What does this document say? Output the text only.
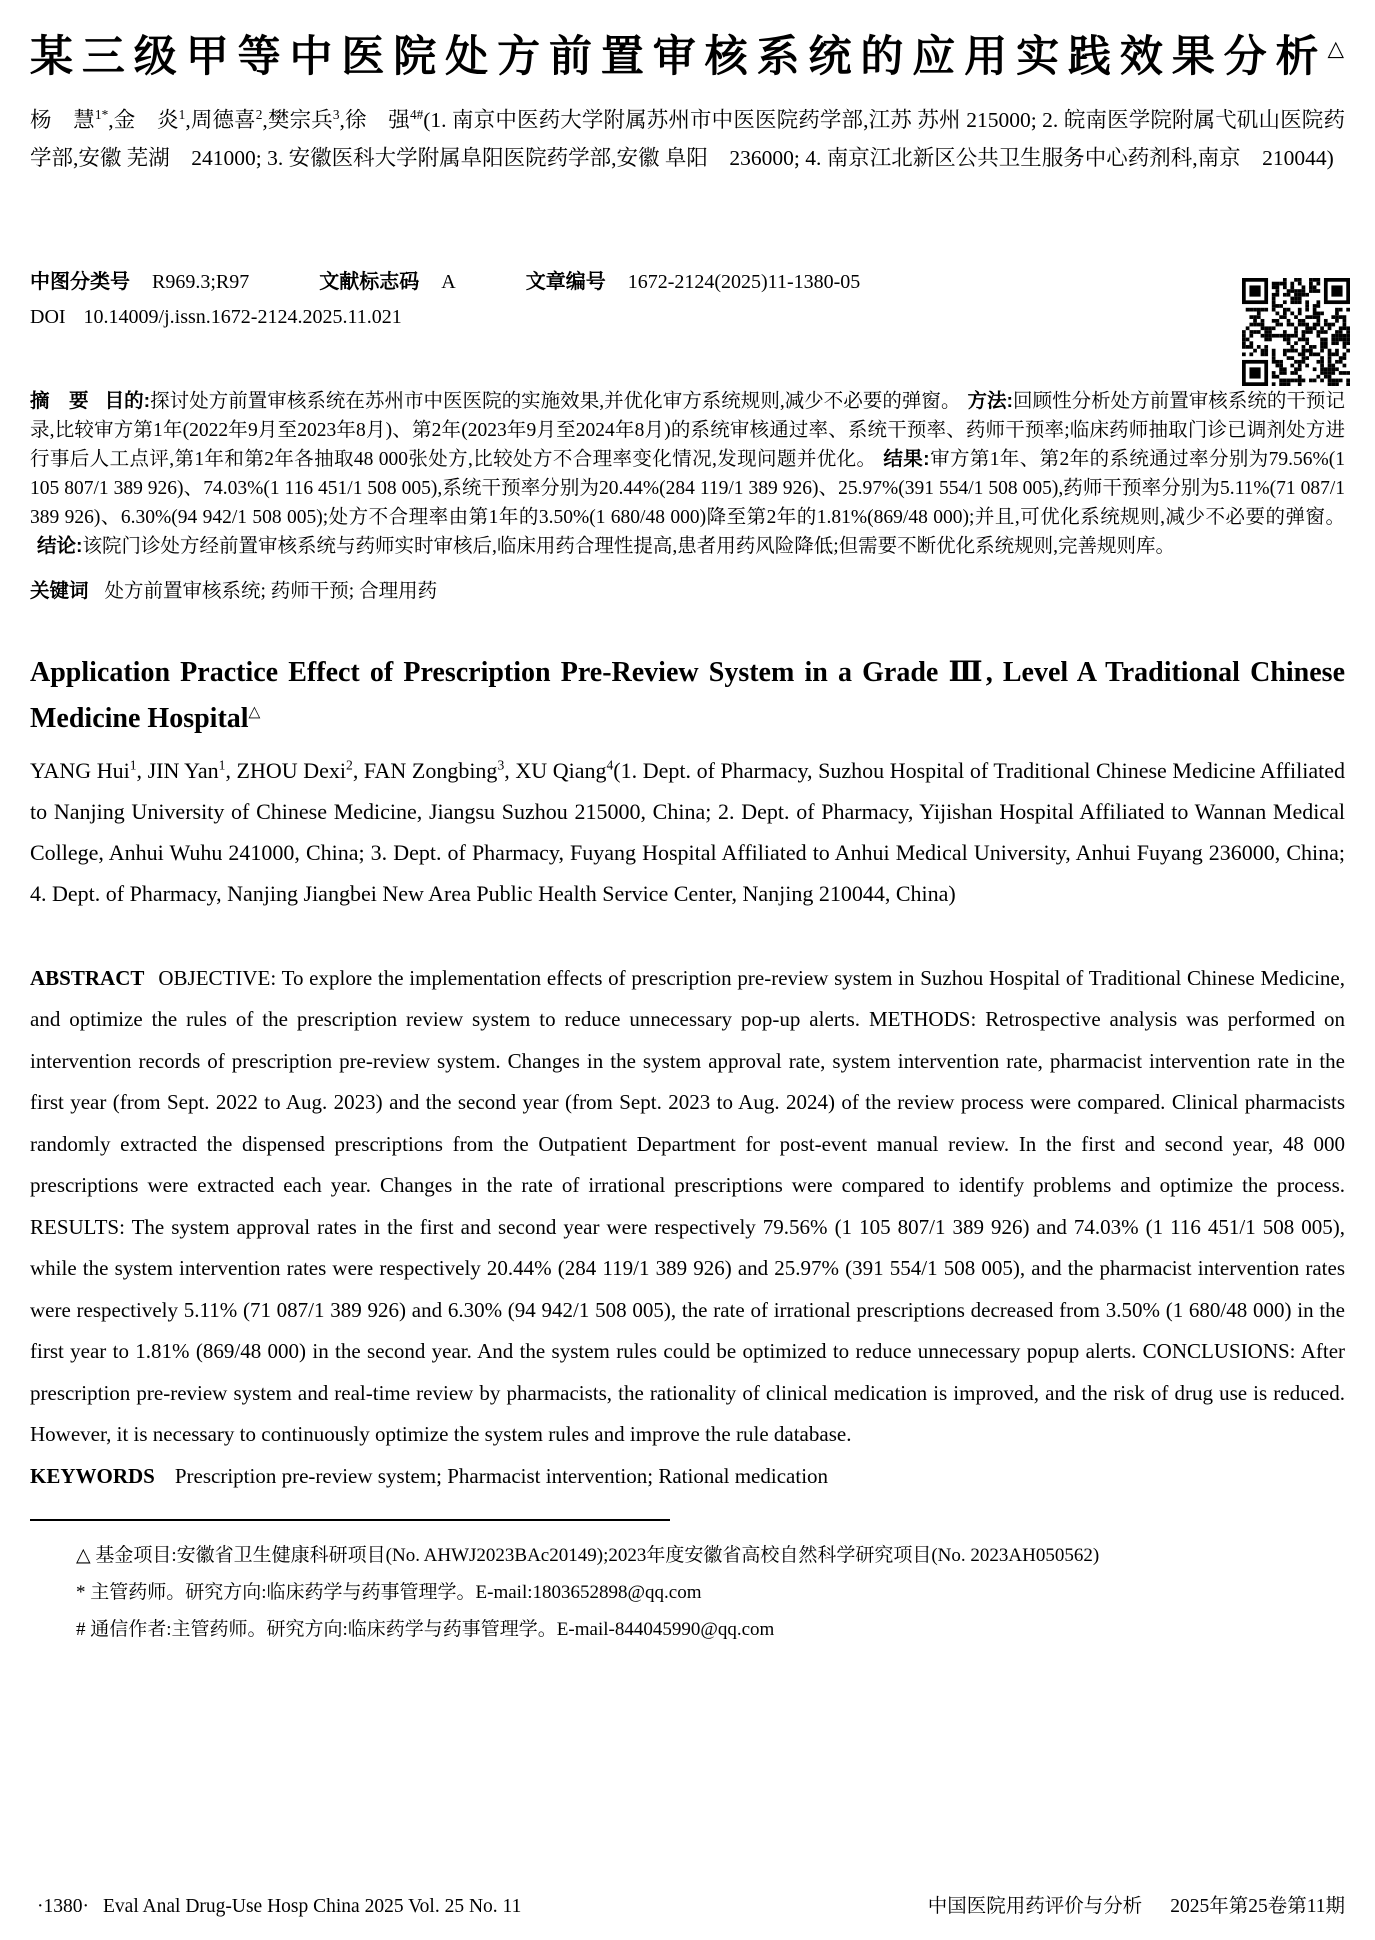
某三级甲等中医院处方前置审核系统的应用实践效果分析△

杨　慧$^{1*}$,金　炎$^1$,周德喜$^2$,樊宗兵$^3$,徐　强$^{4\#}$(1. 南京中医药大学附属苏州市中医医院药学部,江苏 苏州 215000; 2. 皖南医学院附属弋矶山医院药学部,安徽 芜湖　241000; 3. 安徽医科大学附属阜阳医院药学部,安徽 阜阳　236000; 4. 南京江北新区公共卫生服务中心药剂科,南京　210044)

中图分类号 R969.3;R97	文献标志码 A	文章编号 1672-2124(2025)11-1380-05
DOI 10.14009/j.issn.1672-2124.2025.11.021

摘　要 目的:探讨处方前置审核系统在苏州市中医医院的实施效果,并优化审方系统规则,减少不必要的弹窗。 方法:回顾性分析处方前置审核系统的干预记录,比较审方第1年(2022年9月至2023年8月)、第2年(2023年9月至2024年8月)的系统审核通过率、系统干预率、药师干预率;临床药师抽取门诊已调剂处方进行事后人工点评,第1年和第2年各抽取48 000张处方,比较处方不合理率变化情况,发现问题并优化。 结果:审方第1年、第2年的系统通过率分别为79.56%(1 105 807/1 389 926)、74.03%(1 116 451/1 508 005),系统干预率分别为20.44%(284 119/1 389 926)、25.97%(391 554/1 508 005),药师干预率分别为5.11%(71 087/1 389 926)、6.30%(94 942/1 508 005);处方不合理率由第1年的3.50%(1 680/48 000)降至第2年的1.81%(869/48 000);并且,可优化系统规则,减少不必要的弹窗。结论:该院门诊处方经前置审核系统与药师实时审核后,临床用药合理性提高,患者用药风险降低;但需要不断优化系统规则,完善规则库。

关键词 处方前置审核系统; 药师干预; 合理用药

Application Practice Effect of Prescription Pre-Review System in a Grade Ⅲ, Level A Traditional Chinese Medicine Hospital△

YANG Hui$^1$, JIN Yan$^1$, ZHOU Dexi$^2$, FAN Zongbing$^3$, XU Qiang$^4$(1. Dept. of Pharmacy, Suzhou Hospital of Traditional Chinese Medicine Affiliated to Nanjing University of Chinese Medicine, Jiangsu Suzhou 215000, China; 2. Dept. of Pharmacy, Yijishan Hospital Affiliated to Wannan Medical College, Anhui Wuhu 241000, China; 3. Dept. of Pharmacy, Fuyang Hospital Affiliated to Anhui Medical University, Anhui Fuyang 236000, China; 4. Dept. of Pharmacy, Nanjing Jiangbei New Area Public Health Service Center, Nanjing 210044, China)

ABSTRACT OBJECTIVE: To explore the implementation effects of prescription pre-review system in Suzhou Hospital of Traditional Chinese Medicine, and optimize the rules of the prescription review system to reduce unnecessary pop-up alerts. METHODS: Retrospective analysis was performed on intervention records of prescription pre-review system. Changes in the system approval rate, system intervention rate, pharmacist intervention rate in the first year (from Sept. 2022 to Aug. 2023) and the second year (from Sept. 2023 to Aug. 2024) of the review process were compared. Clinical pharmacists randomly extracted the dispensed prescriptions from the Outpatient Department for post-event manual review. In the first and second year, 48 000 prescriptions were extracted each year. Changes in the rate of irrational prescriptions were compared to identify problems and optimize the process. RESULTS: The system approval rates in the first and second year were respectively 79.56% (1 105 807/1 389 926) and 74.03% (1 116 451/1 508 005), while the system intervention rates were respectively 20.44% (284 119/1 389 926) and 25.97% (391 554/1 508 005), and the pharmacist intervention rates were respectively 5.11% (71 087/1 389 926) and 6.30% (94 942/1 508 005), the rate of irrational prescriptions decreased from 3.50% (1 680/48 000) in the first year to 1.81% (869/48 000) in the second year. And the system rules could be optimized to reduce unnecessary popup alerts. CONCLUSIONS: After prescription pre-review system and real-time review by pharmacists, the rationality of clinical medication is improved, and the risk of drug use is reduced. However, it is necessary to continuously optimize the system rules and improve the rule database.

KEYWORDS Prescription pre-review system; Pharmacist intervention; Rational medication

△ 基金项目:安徽省卫生健康科研项目(No. AHWJ2023BAc20149);2023年度安徽省高校自然科学研究项目(No. 2023AH050562)
* 主管药师。研究方向:临床药学与药事管理学。E-mail:1803652898@qq.com
# 通信作者:主管药师。研究方向:临床药学与药事管理学。E-mail-844045990@qq.com
·1380· Eval Anal Drug-Use Hosp China 2025 Vol. 25 No. 11	中国医院用药评价与分析 2025年第25卷第11期
